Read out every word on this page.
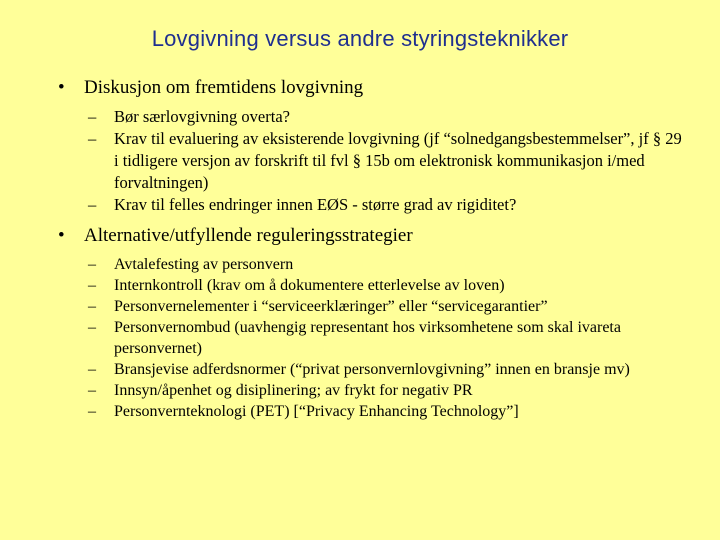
Lovgivning versus andre styringsteknikker
•	Diskusjon om fremtidens lovgivning
–	Bør særlovgivning overta?
–	Krav til evaluering av eksisterende lovgivning (jf “solnedgangsbestemmelser”, jf § 29 i tidligere versjon av forskrift til fvl § 15b om elektronisk kommunikasjon i/med forvaltningen)
–	Krav til felles endringer innen EØS - større grad av rigiditet?
•	Alternative/utfyllende reguleringsstrategier
–	Avtalefesting av personvern
–	Internkontroll (krav om å dokumentere etterlevelse av loven)
–	Personvernelementer i “serviceerklæringer” eller “servicegarantier”
–	Personvernombud (uavhengig representant hos virksomhetene som skal ivareta personvernet)
–	Bransjevise adferdsnormer (“privat personvernlovgivning” innen en bransje mv)
–	Innsyn/åpenhet og disiplinering; av frykt for negativ PR
–	Personvernteknologi (PET) [“Privacy Enhancing Technology”]
